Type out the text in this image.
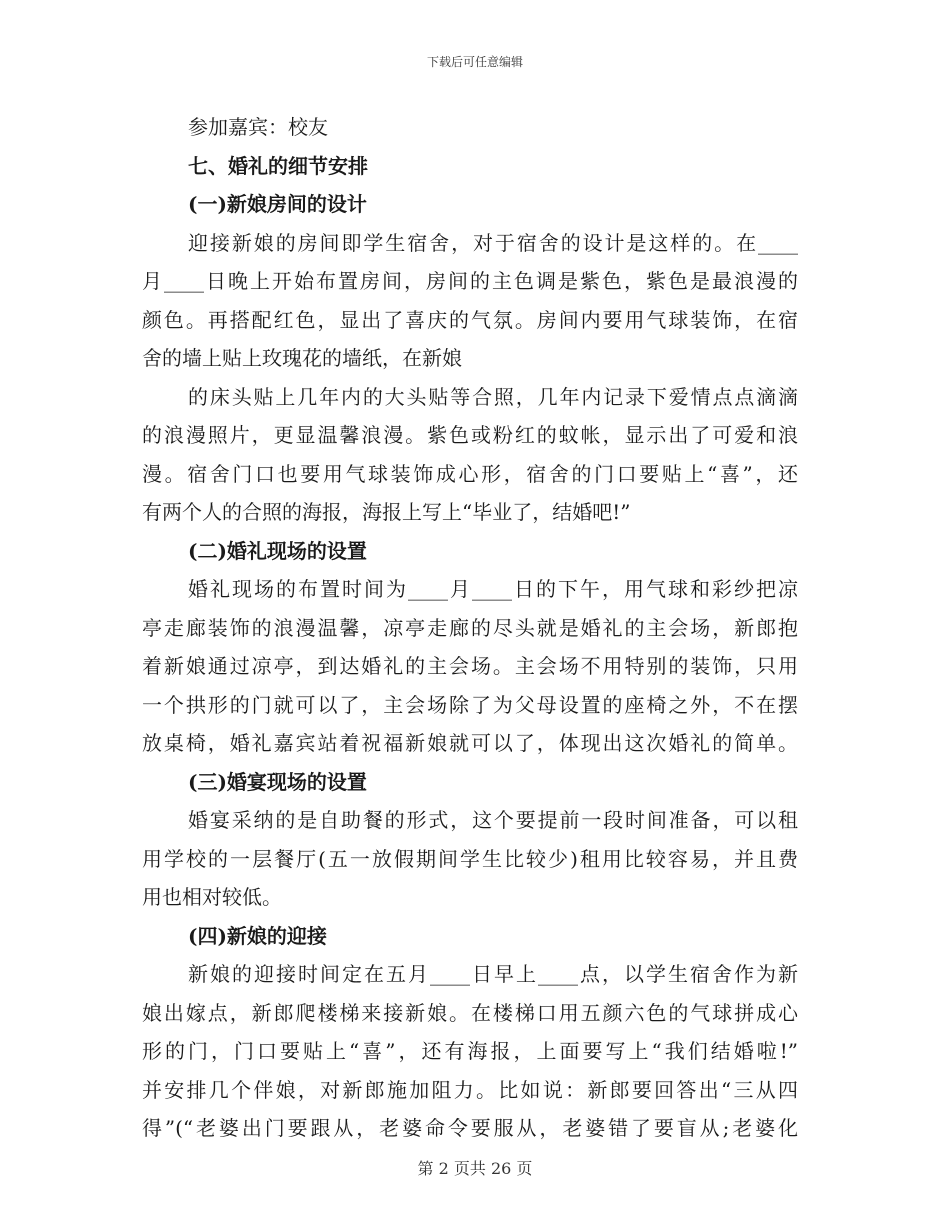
下载后可任意编辑
参加嘉宾：校友
七、婚礼的细节安排
(一)新娘房间的设计
迎接新娘的房间即学生宿舍，对于宿舍的设计是这样的。在____
月____日晚上开始布置房间，房间的主色调是紫色，紫色是最浪漫的
颜色。再搭配红色，显出了喜庆的气氛。房间内要用气球装饰，在宿
舍的墙上贴上玫瑰花的墙纸，在新娘
的床头贴上几年内的大头贴等合照，几年内记录下爱情点点滴滴
的浪漫照片，更显温馨浪漫。紫色或粉红的蚊帐，显示出了可爱和浪
漫。宿舍门口也要用气球装饰成心形，宿舍的门口要贴上“喜”，还
有两个人的合照的海报，海报上写上“毕业了，结婚吧!”
(二)婚礼现场的设置
婚礼现场的布置时间为____月____日的下午，用气球和彩纱把凉
亭走廊装饰的浪漫温馨，凉亭走廊的尽头就是婚礼的主会场，新郎抱
着新娘通过凉亭，到达婚礼的主会场。主会场不用特别的装饰，只用
一个拱形的门就可以了，主会场除了为父母设置的座椅之外，不在摆
放桌椅，婚礼嘉宾站着祝福新娘就可以了，体现出这次婚礼的简单。
(三)婚宴现场的设置
婚宴采纳的是自助餐的形式，这个要提前一段时间准备，可以租
用学校的一层餐厅(五一放假期间学生比较少)租用比较容易，并且费
用也相对较低。
(四)新娘的迎接
新娘的迎接时间定在五月____日早上____点，以学生宿舍作为新
娘出嫁点，新郎爬楼梯来接新娘。在楼梯口用五颜六色的气球拼成心
形的门，门口要贴上“喜”，还有海报，上面要写上“我们结婚啦!”
并安排几个伴娘，对新郎施加阻力。比如说：新郎要回答出“三从四
得”(“老婆出门要跟从，老婆命令要服从，老婆错了要盲从;老婆化
第 2 页共 26 页
